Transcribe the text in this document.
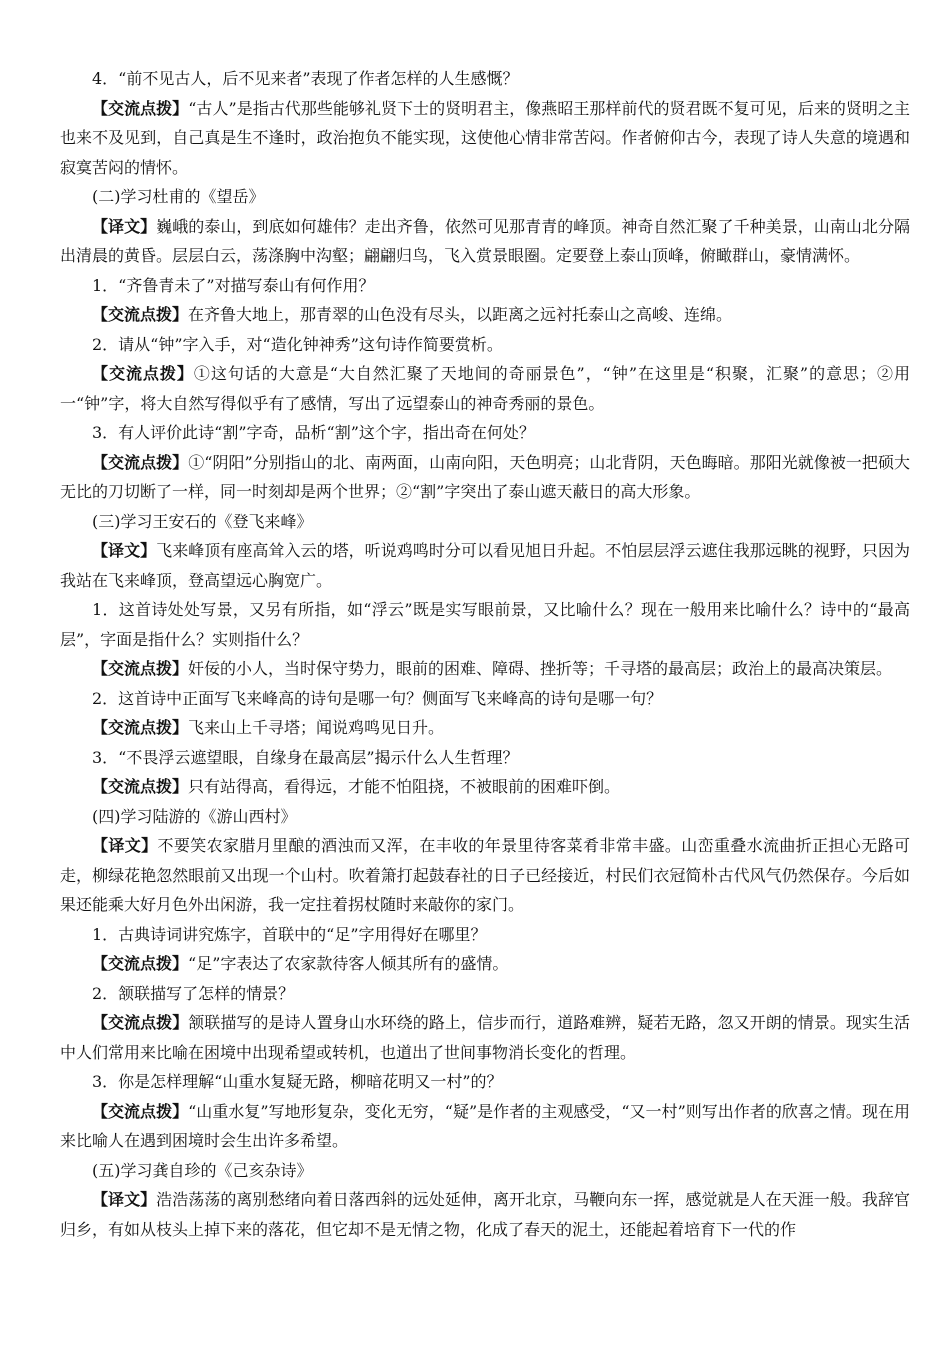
4．“前不见古人，后不见来者”表现了作者怎样的人生感慨？

【交流点拨】“古人”是指古代那些能够礼贤下士的贤明君主，像燕昭王那样前代的贤君既不复可见，后来的贤明之主也来不及见到，自己真是生不逢时，政治抱负不能实现，这使他心情非常苦闷。作者俯仰古今，表现了诗人失意的境遇和寂寞苦闷的情怀。

(二)学习杜甫的《望岳》

【译文】巍峨的泰山，到底如何雄伟？走出齐鲁，依然可见那青青的峰顶。神奇自然汇聚了千种美景，山南山北分隔出清晨的黄昏。层层白云，荡涤胸中沟壑；翩翩归鸟，飞入赏景眼圈。定要登上泰山顶峰，俯瞰群山，豪情满怀。

1．“齐鲁青未了”对描写泰山有何作用？

【交流点拨】在齐鲁大地上，那青翠的山色没有尽头，以距离之远衬托泰山之高峻、连绵。

2．请从“钟”字入手，对“造化钟神秀”这句诗作简要赏析。

【交流点拨】①这句话的大意是“大自然汇聚了天地间的奇丽景色”，“钟”在这里是“积聚，汇聚”的意思；②用一“钟”字，将大自然写得似乎有了感情，写出了远望泰山的神奇秀丽的景色。

3．有人评价此诗“割”字奇，品析“割”这个字，指出奇在何处？

【交流点拨】①“阴阳”分别指山的北、南两面，山南向阳，天色明亮；山北背阴，天色晦暗。那阳光就像被一把硕大无比的刀切断了一样，同一时刻却是两个世界；②“割”字突出了泰山遮天蔽日的高大形象。

(三)学习王安石的《登飞来峰》

【译文】飞来峰顶有座高耸入云的塔，听说鸡鸣时分可以看见旭日升起。不怕层层浮云遮住我那远眺的视野，只因为我站在飞来峰顶，登高望远心胸宽广。

1．这首诗处处写景，又另有所指，如“浮云”既是实写眼前景，又比喻什么？现在一般用来比喻什么？诗中的“最高层”，字面是指什么？实则指什么？

【交流点拨】奸佞的小人，当时保守势力，眼前的困难、障碍、挫折等；千寻塔的最高层；政治上的最高决策层。

2．这首诗中正面写飞来峰高的诗句是哪一句？侧面写飞来峰高的诗句是哪一句？

【交流点拨】飞来山上千寻塔；闻说鸡鸣见日升。

3．“不畏浮云遮望眼，自缘身在最高层”揭示什么人生哲理？

【交流点拨】只有站得高，看得远，才能不怕阻挠，不被眼前的困难吓倒。

(四)学习陆游的《游山西村》

【译文】不要笑农家腊月里酿的酒浊而又浑，在丰收的年景里待客菜肴非常丰盛。山峦重叠水流曲折正担心无路可走，柳绿花艳忽然眼前又出现一个山村。吹着箫打起鼓春社的日子已经接近，村民们衣冠简朴古代风气仍然保存。今后如果还能乘大好月色外出闲游，我一定拄着拐杖随时来敲你的家门。

1．古典诗词讲究炼字，首联中的“足”字用得好在哪里？

【交流点拨】“足”字表达了农家款待客人倾其所有的盛情。

2．颔联描写了怎样的情景？

【交流点拨】颔联描写的是诗人置身山水环绕的路上，信步而行，道路难辨，疑若无路，忽又开朗的情景。现实生活中人们常用来比喻在困境中出现希望或转机，也道出了世间事物消长变化的哲理。

3．你是怎样理解“山重水复疑无路，柳暗花明又一村”的？

【交流点拨】“山重水复”写地形复杂，变化无穷，“疑”是作者的主观感受，“又一村”则写出作者的欣喜之情。现在用来比喻人在遇到困境时会生出许多希望。

(五)学习龚自珍的《己亥杂诗》

【译文】浩浩荡荡的离别愁绪向着日落西斜的远处延伸，离开北京，马鞭向东一挥，感觉就是人在天涯一般。我辞官归乡，有如从枝头上掉下来的落花，但它却不是无情之物，化成了春天的泥土，还能起着培育下一代的作
